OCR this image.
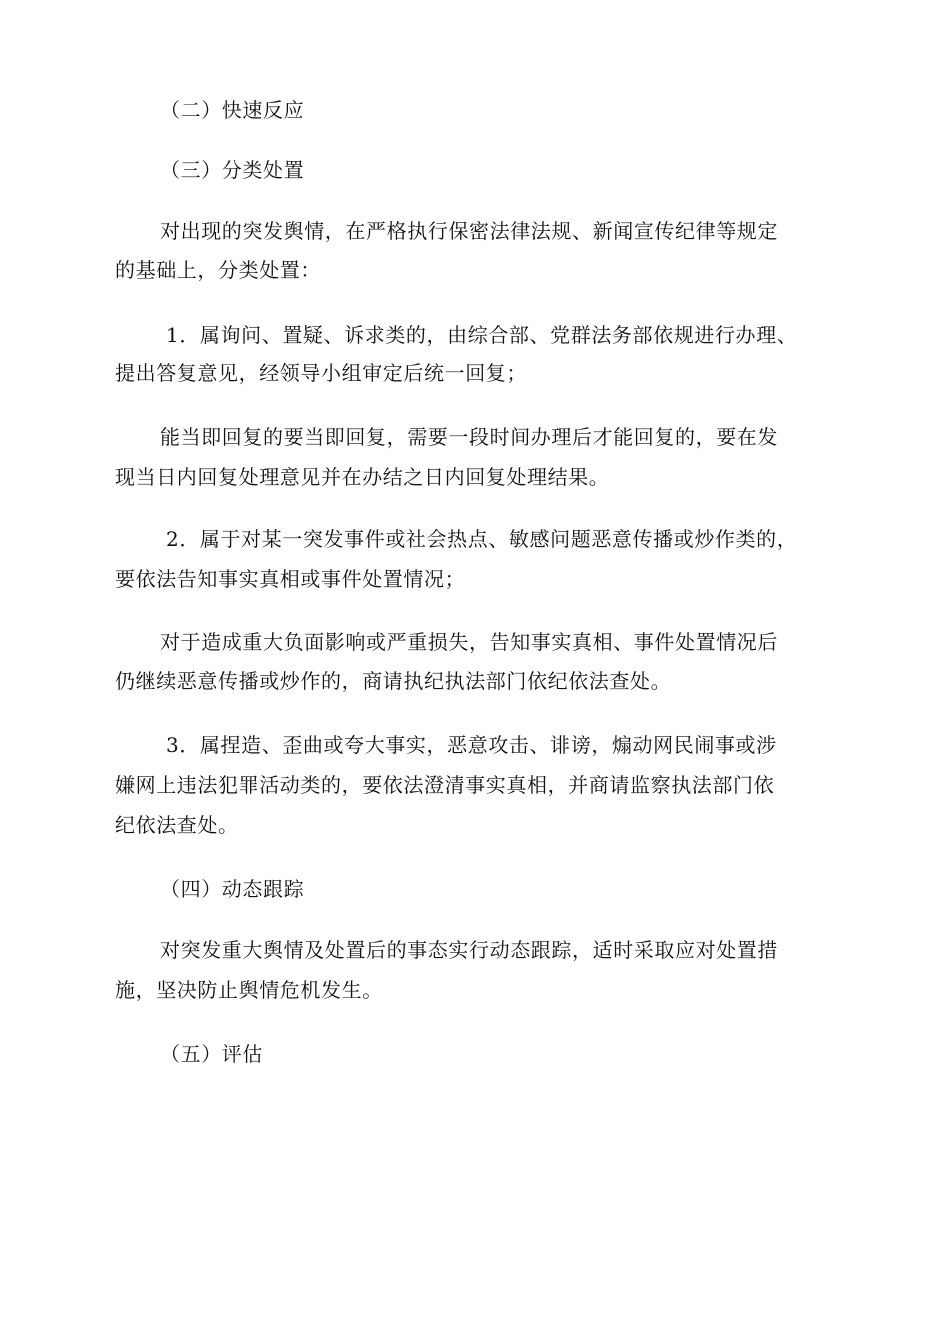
（二）快速反应
（三）分类处置
对出现的突发舆情，在严格执行保密法律法规、新闻宣传纪律等规定
的基础上，分类处置：
1．属询问、置疑、诉求类的，由综合部、党群法务部依规进行办理、
提出答复意见，经领导小组审定后统一回复；
能当即回复的要当即回复，需要一段时间办理后才能回复的，要在发
现当日内回复处理意见并在办结之日内回复处理结果。
2．属于对某一突发事件或社会热点、敏感问题恶意传播或炒作类的，
要依法告知事实真相或事件处置情况；
对于造成重大负面影响或严重损失，告知事实真相、事件处置情况后
仍继续恶意传播或炒作的，商请执纪执法部门依纪依法查处。
3．属捏造、歪曲或夸大事实，恶意攻击、诽谤，煽动网民闹事或涉
嫌网上违法犯罪活动类的，要依法澄清事实真相，并商请监察执法部门依
纪依法查处。
（四）动态跟踪
对突发重大舆情及处置后的事态实行动态跟踪，适时采取应对处置措
施，坚决防止舆情危机发生。
（五）评估
